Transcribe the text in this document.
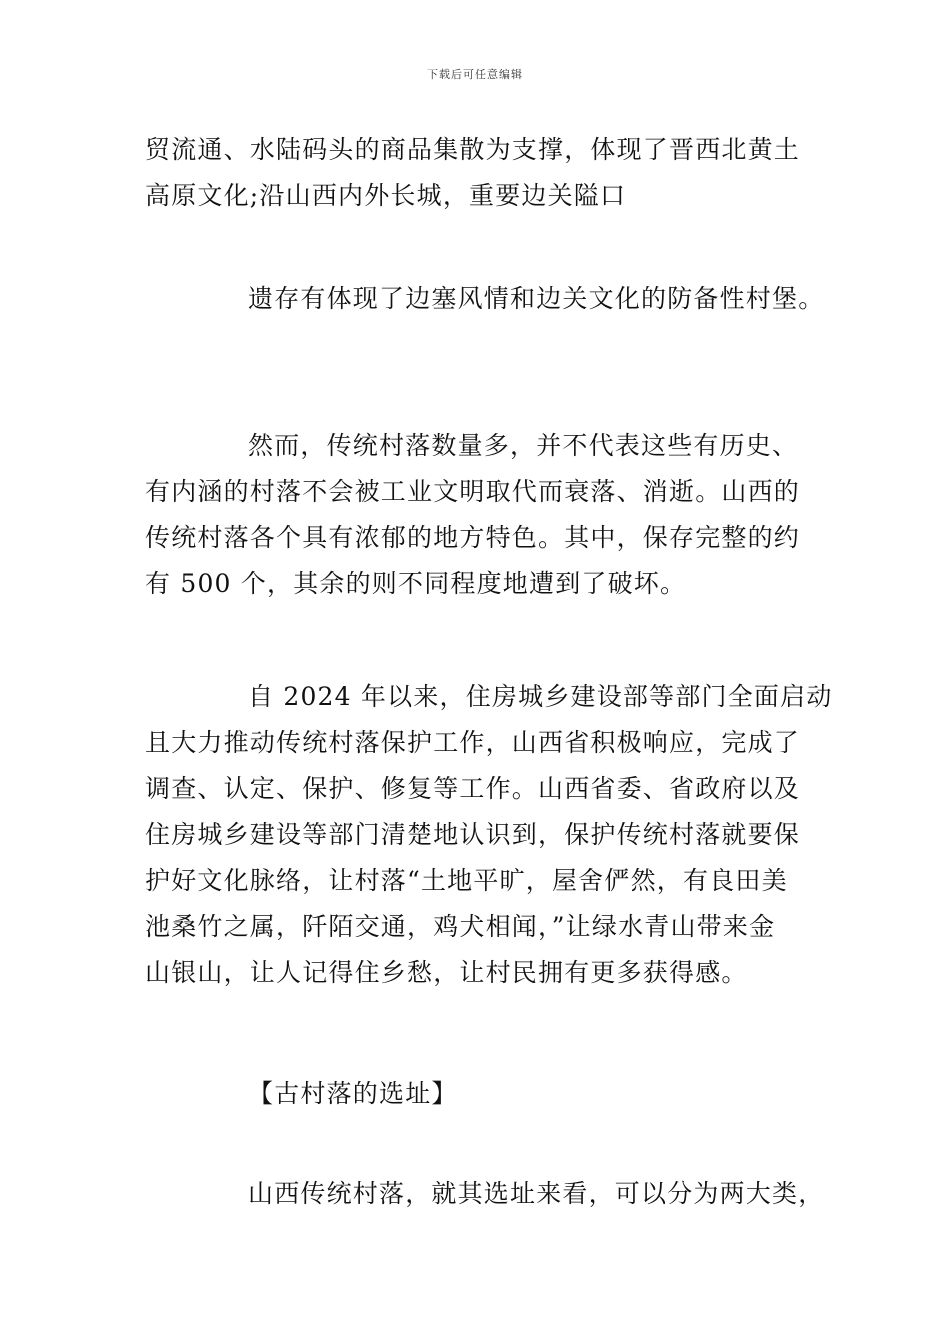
下载后可任意编辑
贸流通、水陆码头的商品集散为支撑，体现了晋西北黄土
高原文化;沿山西内外长城，重要边关隘口
遗存有体现了边塞风情和边关文化的防备性村堡。
然而，传统村落数量多，并不代表这些有历史、
有内涵的村落不会被工业文明取代而衰落、消逝。山西的
传统村落各个具有浓郁的地方特色。其中，保存完整的约
有 500 个，其余的则不同程度地遭到了破坏。
自 2024 年以来，住房城乡建设部等部门全面启动
且大力推动传统村落保护工作，山西省积极响应，完成了
调查、认定、保护、修复等工作。山西省委、省政府以及
住房城乡建设等部门清楚地认识到，保护传统村落就要保
护好文化脉络，让村落“土地平旷，屋舍俨然，有良田美
池桑竹之属，阡陌交通，鸡犬相闻，”让绿水青山带来金
山银山，让人记得住乡愁，让村民拥有更多获得感。
【古村落的选址】
山西传统村落，就其选址来看，可以分为两大类，
